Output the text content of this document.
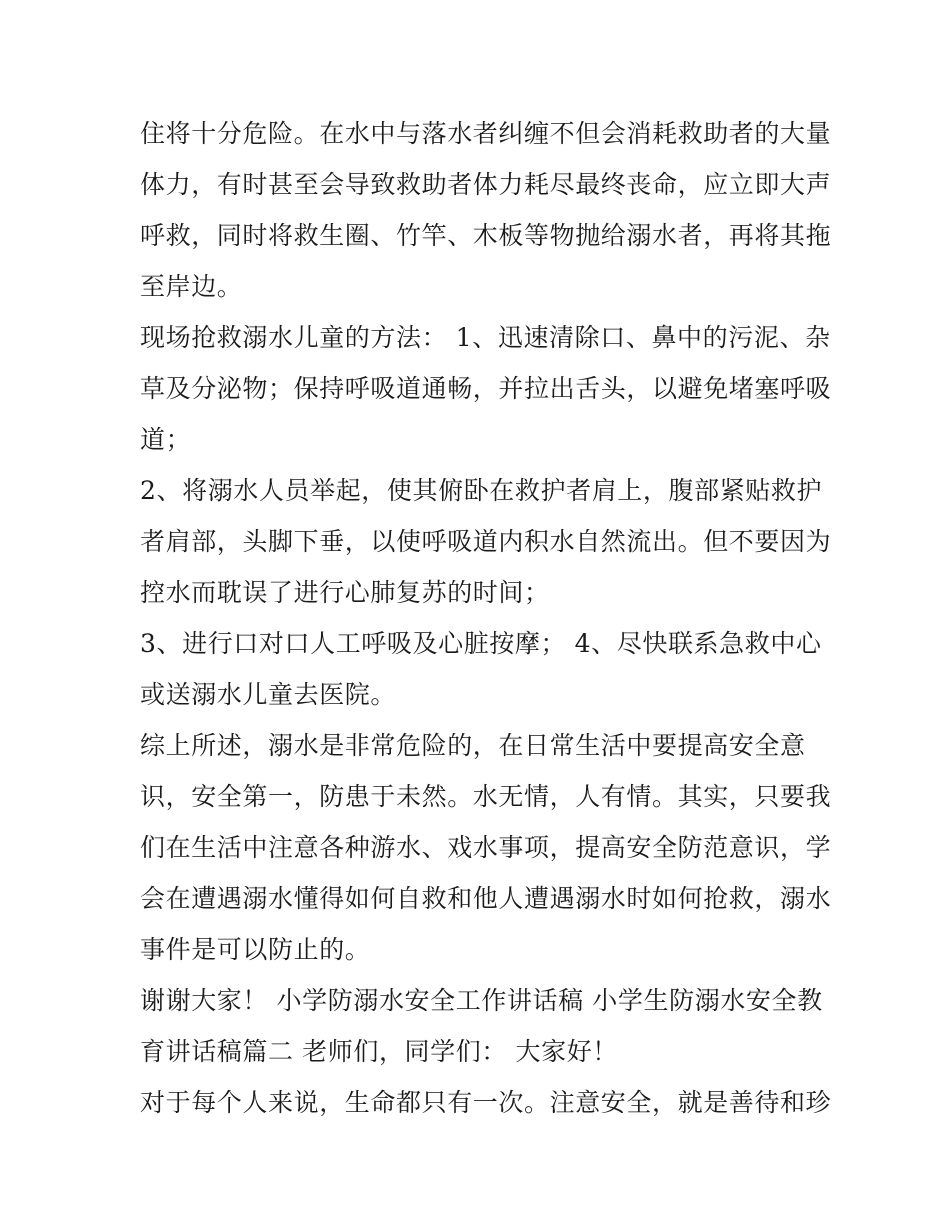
住将十分危险。在水中与落水者纠缠不但会消耗救助者的大量
体力，有时甚至会导致救助者体力耗尽最终丧命，应立即大声
呼救，同时将救生圈、竹竿、木板等物抛给溺水者，再将其拖
至岸边。
现场抢救溺水儿童的方法： 1、迅速清除口、鼻中的污泥、杂
草及分泌物；保持呼吸道通畅，并拉出舌头，以避免堵塞呼吸
道；
2、将溺水人员举起，使其俯卧在救护者肩上，腹部紧贴救护
者肩部，头脚下垂，以使呼吸道内积水自然流出。但不要因为
控水而耽误了进行心肺复苏的时间；
3、进行口对口人工呼吸及心脏按摩； 4、尽快联系急救中心
或送溺水儿童去医院。
综上所述，溺水是非常危险的，在日常生活中要提高安全意
识，安全第一，防患于未然。水无情，人有情。其实，只要我
们在生活中注意各种游水、戏水事项，提高安全防范意识，学
会在遭遇溺水懂得如何自救和他人遭遇溺水时如何抢救，溺水
事件是可以防止的。
谢谢大家！ 小学防溺水安全工作讲话稿 小学生防溺水安全教
育讲话稿篇二 老师们，同学们： 大家好！
对于每个人来说，生命都只有一次。注意安全，就是善待和珍
